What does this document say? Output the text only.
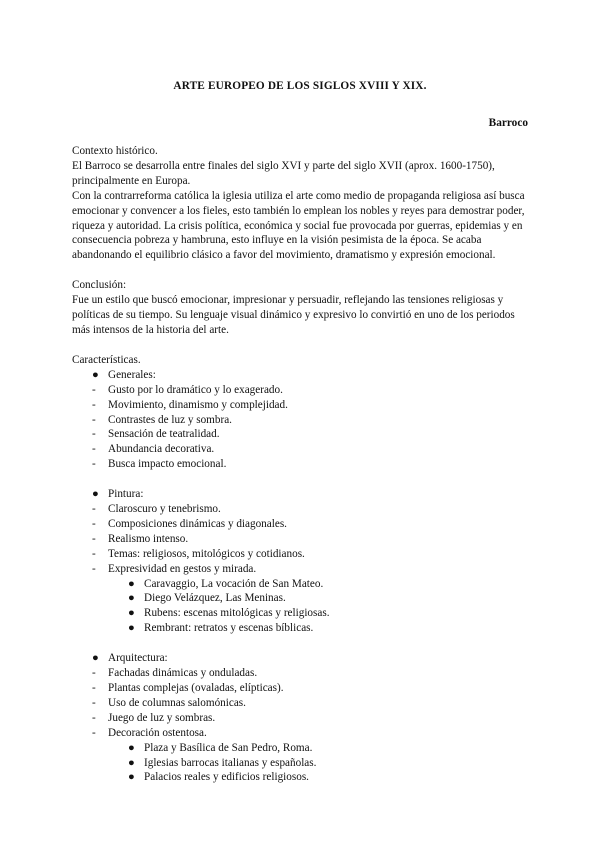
ARTE EUROPEO DE LOS SIGLOS XVIII Y XIX.
Barroco

Contexto histórico.

El Barroco se desarrolla entre finales del siglo XVI y parte del siglo XVII (aprox. 1600-1750), principalmente en Europa.

Con la contrarreforma católica la iglesia utiliza el arte como medio de propaganda religiosa así busca emocionar y convencer a los fieles, esto también lo emplean los nobles y reyes para demostrar poder, riqueza y autoridad. La crisis política, económica y social fue provocada por guerras, epidemias y en consecuencia pobreza y hambruna, esto influye en la visión pesimista de la época. Se acaba abandonando el equilibrio clásico a favor del movimiento, dramatismo y expresión emocional.

Conclusión:

Fue un estilo que buscó emocionar, impresionar y persuadir, reflejando las tensiones religiosas y políticas de su tiempo. Su lenguaje visual dinámico y expresivo lo convirtió en uno de los periodos más intensos de la historia del arte.

Características.

● Generales:
- Gusto por lo dramático y lo exagerado.
- Movimiento, dinamismo y complejidad.
- Contrastes de luz y sombra.
- Sensación de teatralidad.
- Abundancia decorativa.
- Busca impacto emocional.
● Pintura:
- Claroscuro y tenebrismo.
- Composiciones dinámicas y diagonales.
- Realismo intenso.
- Temas: religiosos, mitológicos y cotidianos.
- Expresividad en gestos y mirada.
● Caravaggio, La vocación de San Mateo.
● Diego Velázquez, Las Meninas.
● Rubens: escenas mitológicas y religiosas.
● Rembrant: retratos y escenas bíblicas.
● Arquitectura:
- Fachadas dinámicas y onduladas.
- Plantas complejas (ovaladas, elípticas).
- Uso de columnas salomónicas.
- Juego de luz y sombras.
- Decoración ostentosa.
● Plaza y Basílica de San Pedro, Roma.
● Iglesias barrocas italianas y españolas.
● Palacios reales y edificios religiosos.
